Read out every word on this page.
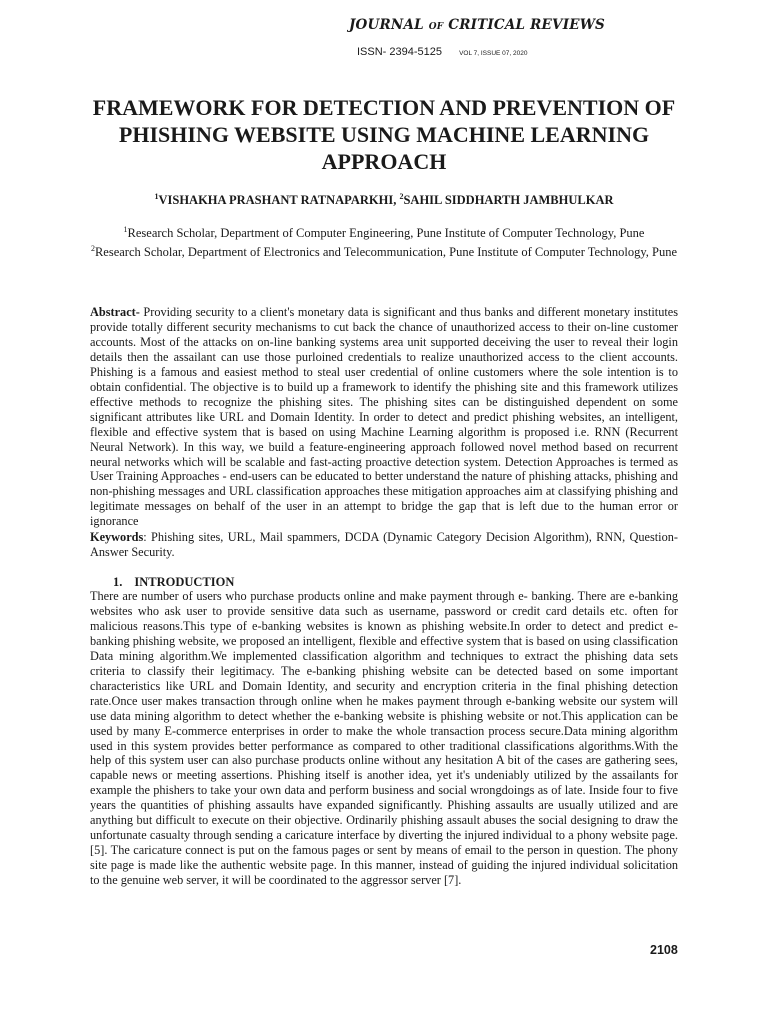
JOURNAL OF CRITICAL REVIEWS
ISSN- 2394-5125	VOL 7, ISSUE 07, 2020
FRAMEWORK FOR DETECTION AND PREVENTION OF PHISHING WEBSITE USING MACHINE LEARNING APPROACH
$^1$VISHAKHA PRASHANT RATNAPARKHI, $^2$SAHIL SIDDHARTH JAMBHULKAR
$^1$Research Scholar, Department of Computer Engineering, Pune Institute of Computer Technology, Pune
$^2$Research Scholar, Department of Electronics and Telecommunication, Pune Institute of Computer Technology, Pune
Abstract- Providing security to a client's monetary data is significant and thus banks and different monetary institutes provide totally different security mechanisms to cut back the chance of unauthorized access to their on-line customer accounts. Most of the attacks on on-line banking systems area unit supported deceiving the user to reveal their login details then the assailant can use those purloined credentials to realize unauthorized access to the client accounts. Phishing is a famous and easiest method to steal user credential of online customers where the sole intention is to obtain confidential. The objective is to build up a framework to identify the phishing site and this framework utilizes effective methods to recognize the phishing sites. The phishing sites can be distinguished dependent on some significant attributes like URL and Domain Identity. In order to detect and predict phishing websites, an intelligent, flexible and effective system that is based on using Machine Learning algorithm is proposed i.e. RNN (Recurrent Neural Network). In this way, we build a feature-engineering approach followed novel method based on recurrent neural networks which will be scalable and fast-acting proactive detection system. Detection Approaches is termed as User Training Approaches - end-users can be educated to better understand the nature of phishing attacks, phishing and non-phishing messages and URL classification approaches these mitigation approaches aim at classifying phishing and legitimate messages on behalf of the user in an attempt to bridge the gap that is left due to the human error or ignorance
Keywords: Phishing sites, URL, Mail spammers, DCDA (Dynamic Category Decision Algorithm), RNN, Question-Answer Security.
1. INTRODUCTION
There are number of users who purchase products online and make payment through e- banking. There are e-banking websites who ask user to provide sensitive data such as username, password or credit card details etc. often for malicious reasons.This type of e-banking websites is known as phishing website.In order to detect and predict e-banking phishing website, we proposed an intelligent, flexible and effective system that is based on using classification Data mining algorithm.We implemented classification algorithm and techniques to extract the phishing data sets criteria to classify their legitimacy. The e-banking phishing website can be detected based on some important characteristics like URL and Domain Identity, and security and encryption criteria in the final phishing detection rate.Once user makes transaction through online when he makes payment through e-banking website our system will use data mining algorithm to detect whether the e-banking website is phishing website or not.This application can be used by many E-commerce enterprises in order to make the whole transaction process secure.Data mining algorithm used in this system provides better performance as compared to other traditional classifications algorithms.With the help of this system user can also purchase products online without any hesitation A bit of the cases are gathering sees, capable news or meeting assertions. Phishing itself is another idea, yet it's undeniably utilized by the assailants for example the phishers to take your own data and perform business and social wrongdoings as of late. Inside four to five years the quantities of phishing assaults have expanded significantly. Phishing assaults are usually utilized and are anything but difficult to execute on their objective. Ordinarily phishing assault abuses the social designing to draw the unfortunate casualty through sending a caricature interface by diverting the injured individual to a phony website page. [5]. The caricature connect is put on the famous pages or sent by means of email to the person in question. The phony site page is made like the authentic website page. In this manner, instead of guiding the injured individual solicitation to the genuine web server, it will be coordinated to the aggressor server [7].
2108
